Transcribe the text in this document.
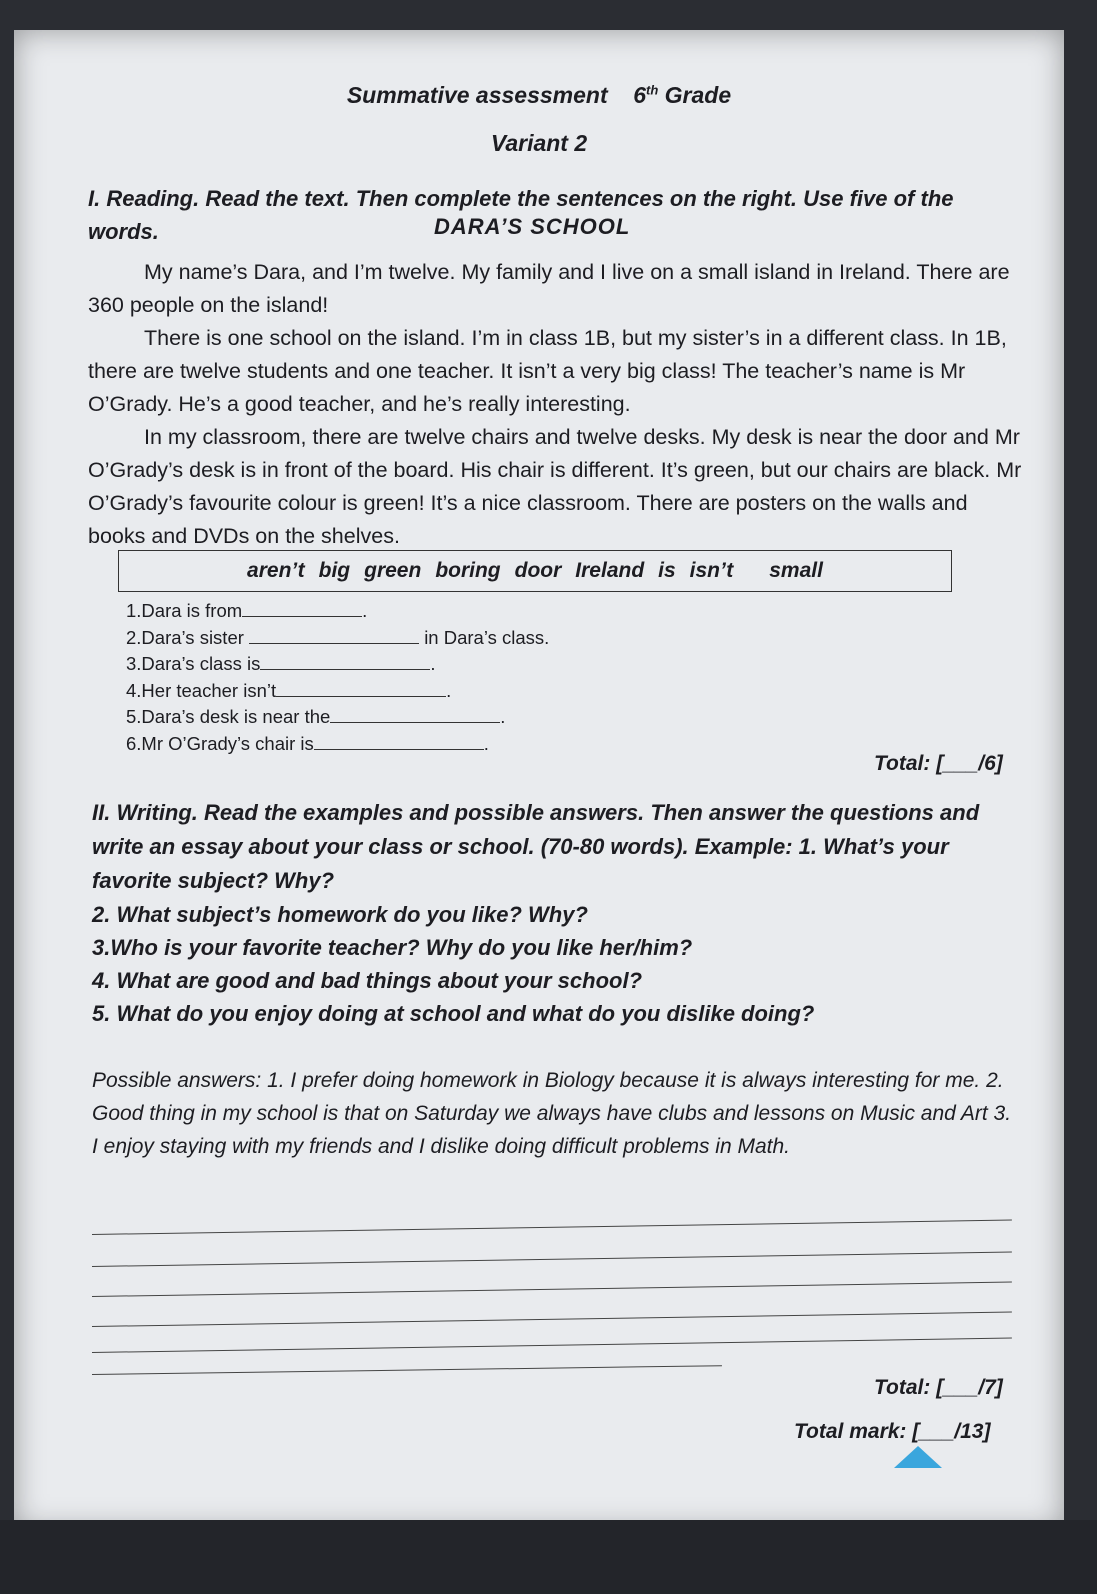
Summative assessment 6th Grade
Variant 2
I. Reading. Read the text. Then complete the sentences on the right. Use five of the words.	DARA’S SCHOOL

My name’s Dara, and I’m twelve. My family and I live on a small island in Ireland. There are 360 people on the island!

There is one school on the island. I’m in class 1B, but my sister’s in a different class. In 1B, there are twelve students and one teacher. It isn’t a very big class! The teacher’s name is Mr O’Grady. He’s a good teacher, and he’s really interesting.

In my classroom, there are twelve chairs and twelve desks. My desk is near the door and Mr O’Grady’s desk is in front of the board. His chair is different. It’s green, but our chairs are black. Mr O’Grady’s favourite colour is green! It’s a nice classroom. There are posters on the walls and books and DVDs on the shelves.

aren’t big green boring door Ireland is isn’t small
1.Dara is from	.
2.Dara’s sister	in Dara’s class.
3.Dara’s class is	.
4.Her teacher isn’t	.
5.Dara’s desk is near the	.
6.Mr O’Grady’s chair is	.
Total: [___/6]
II. Writing. Read the examples and possible answers. Then answer the questions and write an essay about your class or school. (70-80 words). Example: 1. What’s your favorite subject? Why?
2. What subject’s homework do you like? Why?
3.Who is your favorite teacher? Why do you like her/him?
4. What are good and bad things about your school?
5. What do you enjoy doing at school and what do you dislike doing?
Possible answers: 1. I prefer doing homework in Biology because it is always interesting for me. 2. Good thing in my school is that on Saturday we always have clubs and lessons on Music and Art 3. I enjoy staying with my friends and I dislike doing difficult problems in Math.
Total: [___/7]
Total mark: [___/13]
